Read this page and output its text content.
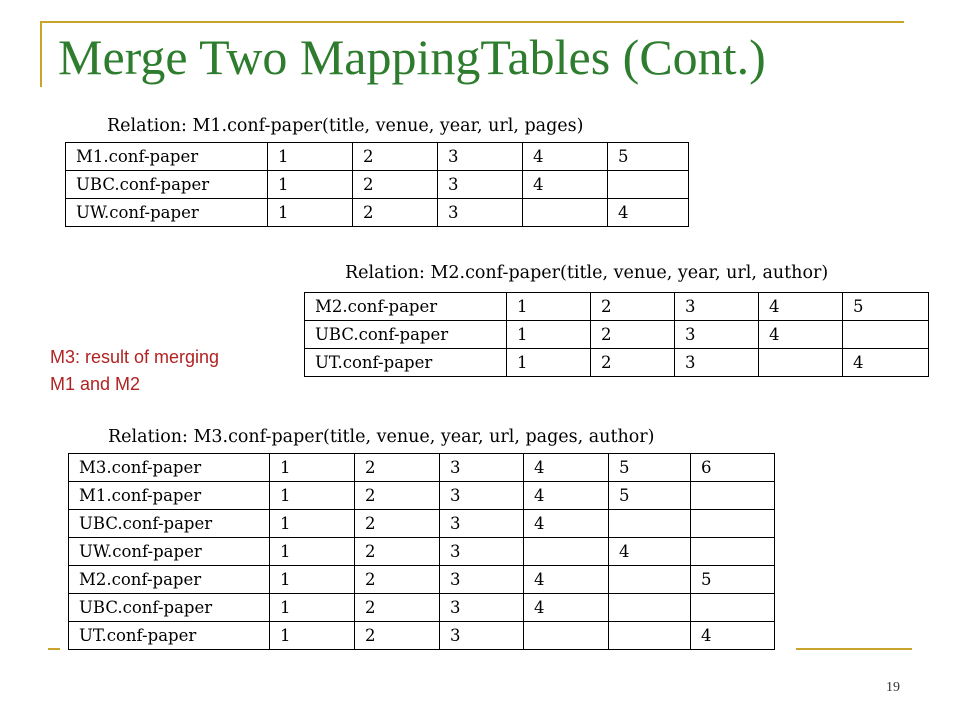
Merge Two MappingTables (Cont.)
Relation: M1.conf-paper(title, venue, year, url, pages)
M1.conf-paper	1	2	3	4	5
UBC.conf-paper	1	2	3	4	
UW.conf-paper	1	2	3		4
Relation: M2.conf-paper(title, venue, year, url, author)
M2.conf-paper	1	2	3	4	5
UBC.conf-paper	1	2	3	4	
UT.conf-paper	1	2	3		4
M3: result of merging
M1 and M2
Relation: M3.conf-paper(title, venue, year, url, pages, author)
M3.conf-paper	1	2	3	4	5	6
M1.conf-paper	1	2	3	4	5	
UBC.conf-paper	1	2	3	4		
UW.conf-paper	1	2	3		4	
M2.conf-paper	1	2	3	4		5
UBC.conf-paper	1	2	3	4		
UT.conf-paper	1	2	3			4
19
